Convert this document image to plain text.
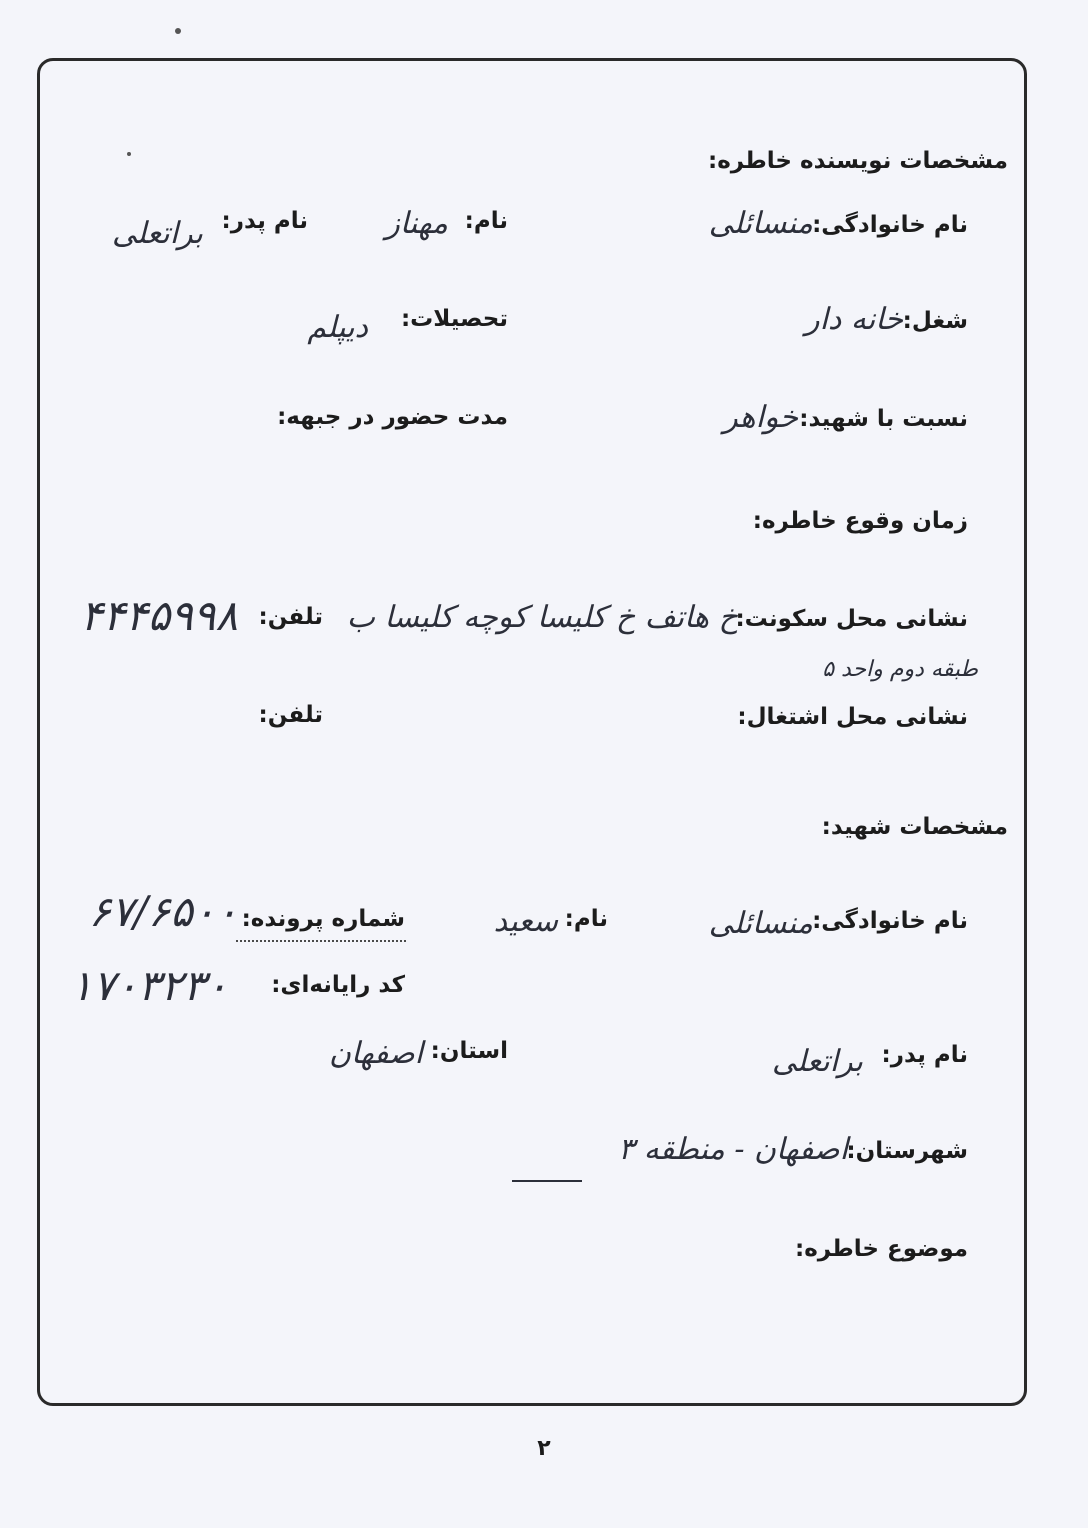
مشخصات نویسنده خاطره:
نام خانوادگی:
منسائلی
نام:
مهناز
نام پدر:
براتعلی
شغل:
خانه دار
تحصیلات:
دیپلم
نسبت با شهید:
خواهر
مدت حضور در جبهه:
زمان وقوع خاطره:
نشانی محل سکونت:
خ هاتف خ کلیسا کوچه کلیسا ب
طبقه دوم واحد ۵
تلفن:
۴۴۴۵۹۹۸
نشانی محل اشتغال:
تلفن:
مشخصات شهید:
نام خانوادگی:
منسائلی
نام:
سعید
شماره پرونده:
۶۷/۶۵۰۰
کد رایانه‌ای:
۱۷۰۳۲۳۰
نام پدر:
براتعلی
استان:
اصفهان
شهرستان:
اصفهان - منطقه ۳
موضوع خاطره:
۲
